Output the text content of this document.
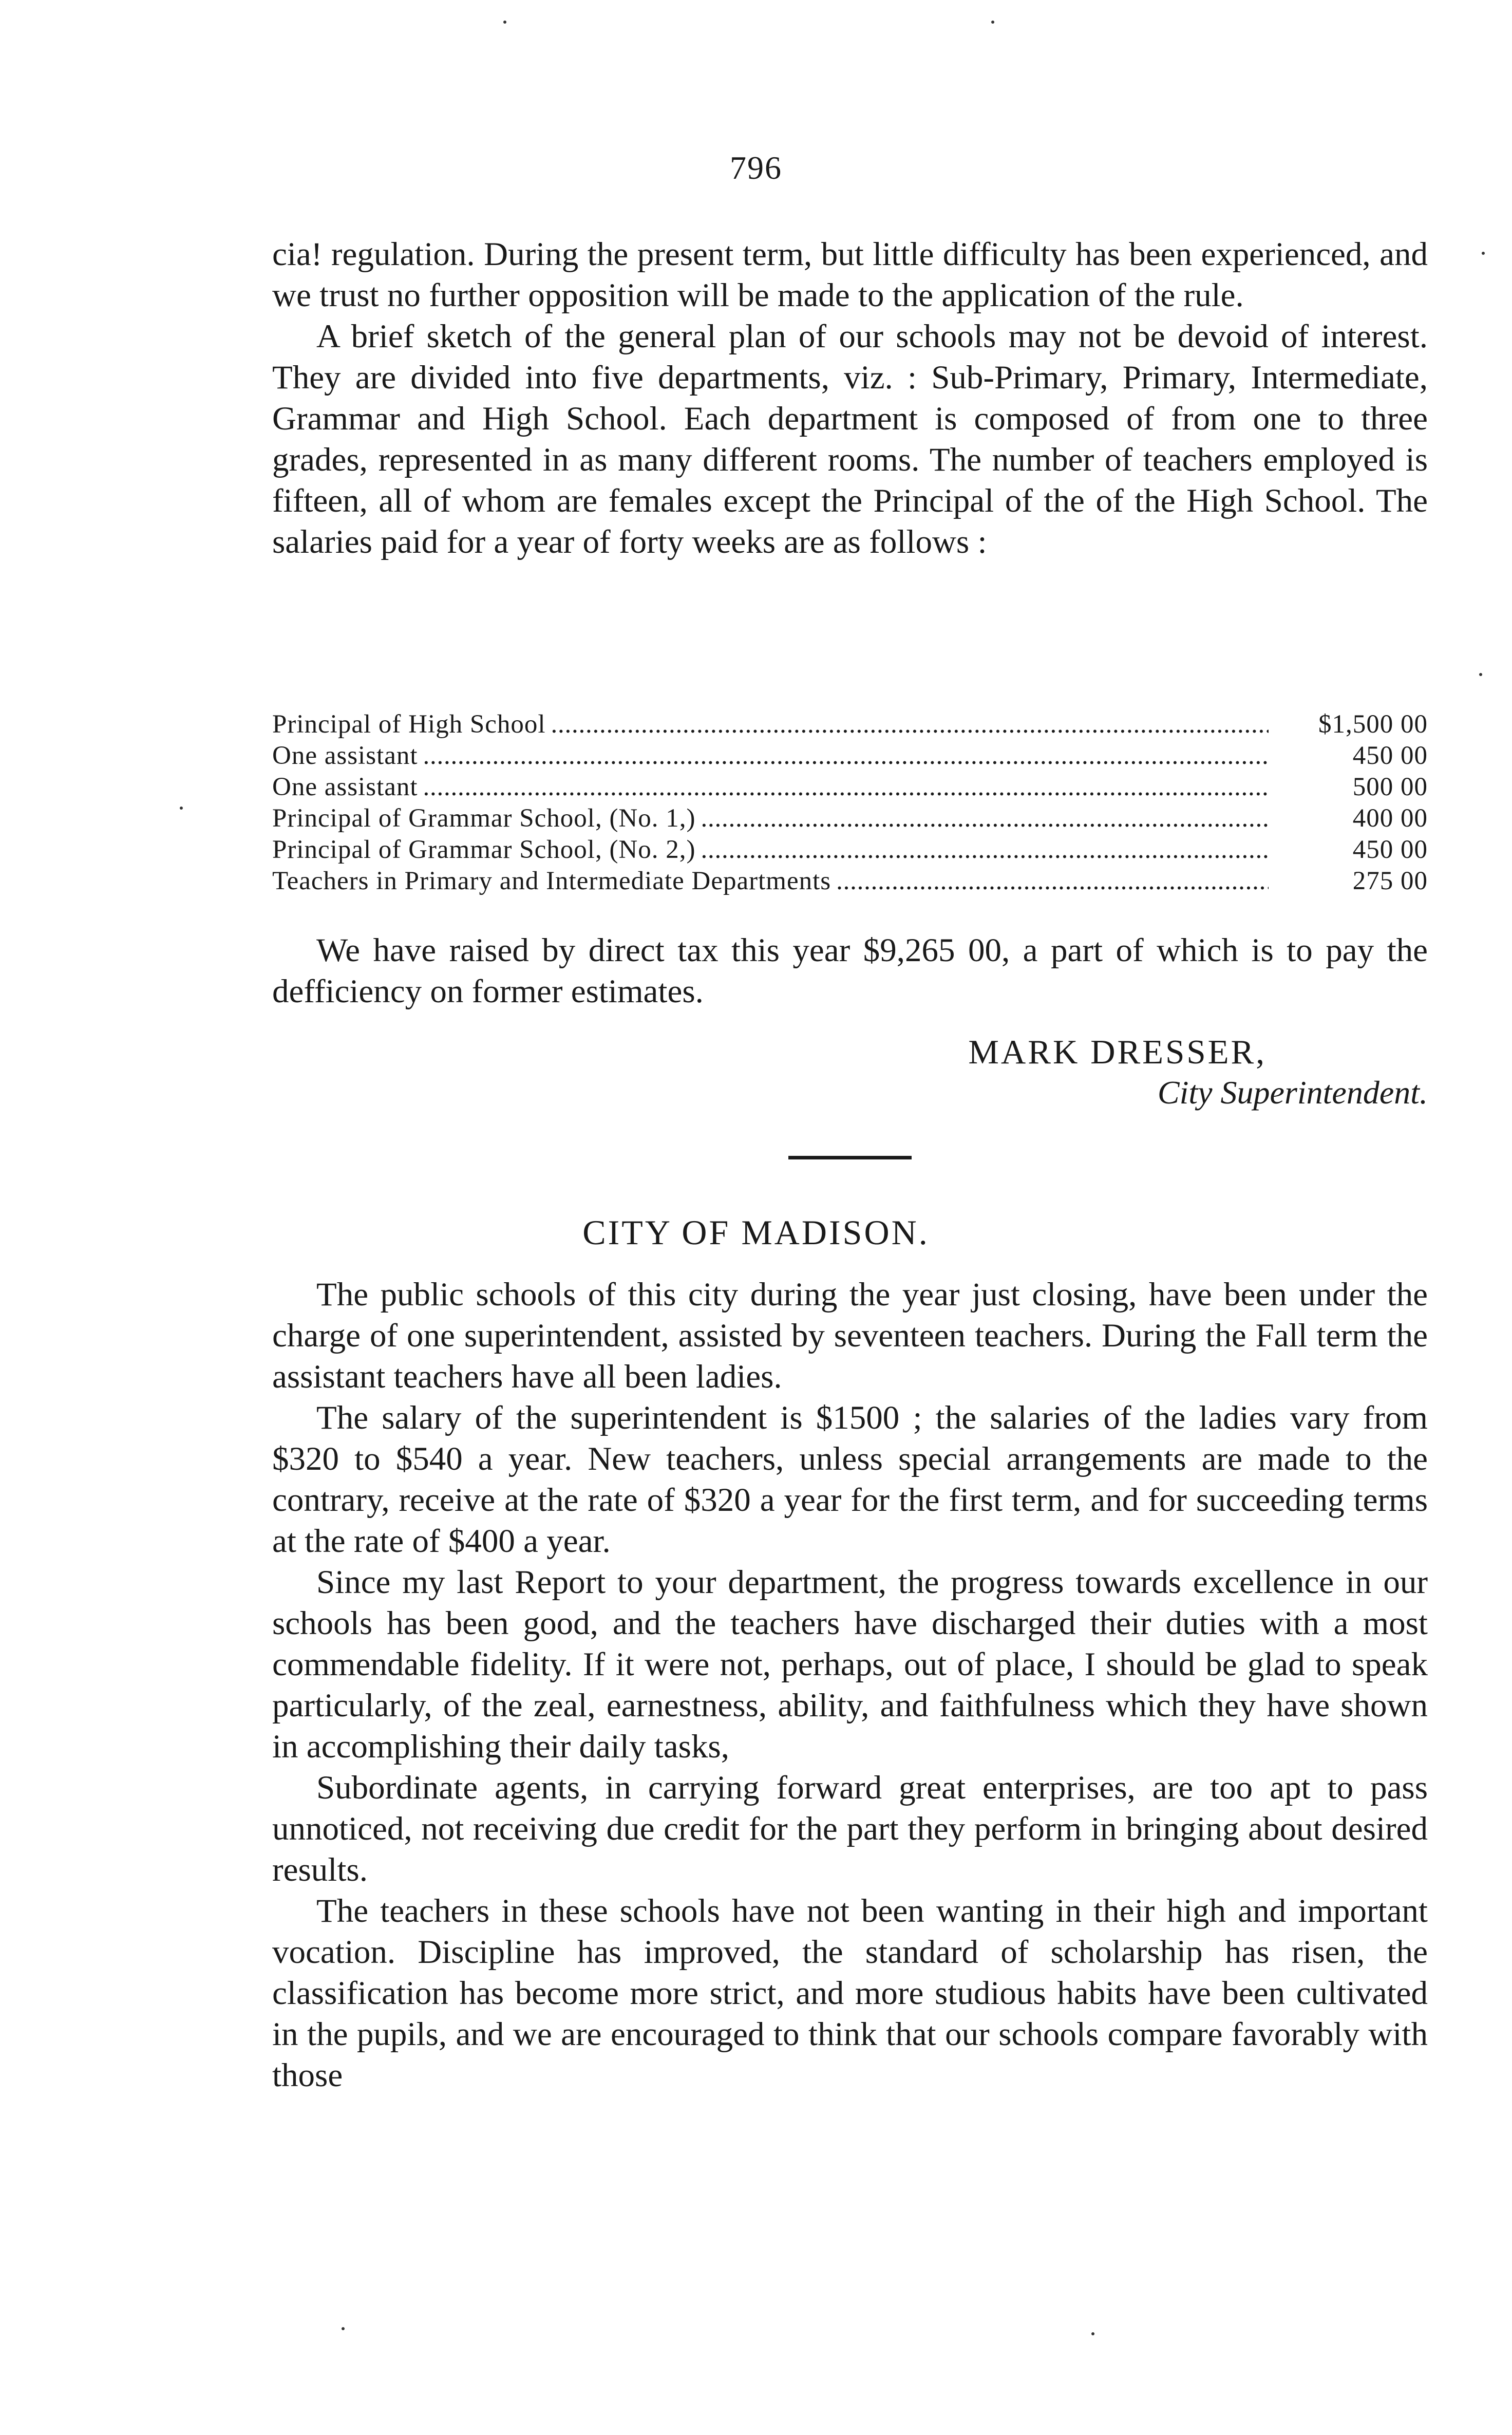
796

cia! regulation. During the present term, but little difficulty has been experienced, and we trust no further opposition will be made to the application of the rule.

A brief sketch of the general plan of our schools may not be devoid of interest. They are divided into five departments, viz. : Sub-Primary, Primary, Intermediate, Grammar and High School. Each department is composed of from one to three grades, represented in as many different rooms. The number of teachers employed is fifteen, all of whom are females except the Principal of the of the High School. The salaries paid for a year of forty weeks are as follows :

Principal of High School . . .	$1,500 00
One assistant . . .	450 00
One assistant . . .	500 00
Principal of Grammar School, (No. 1,) . . .	400 00
Principal of Grammar School, (No. 2,) . . .	450 00
Teachers in Primary and Intermediate Departments . . .	275 00

We have raised by direct tax this year $9,265 00, a part of which is to pay the defficiency on former estimates.

MARK DRESSER,
City Superintendent.
CITY OF MADISON.

The public schools of this city during the year just closing, have been under the charge of one superintendent, assisted by seventeen teachers. During the Fall term the assistant teachers have all been ladies.

The salary of the superintendent is $1500 ; the salaries of the ladies vary from $320 to $540 a year. New teachers, unless special arrangements are made to the contrary, receive at the rate of $320 a year for the first term, and for succeeding terms at the rate of $400 a year.

Since my last Report to your department, the progress towards excellence in our schools has been good, and the teachers have discharged their duties with a most commendable fidelity. If it were not, perhaps, out of place, I should be glad to speak particularly, of the zeal, earnestness, ability, and faithfulness which they have shown in accomplishing their daily tasks,

Subordinate agents, in carrying forward great enterprises, are too apt to pass unnoticed, not receiving due credit for the part they perform in bringing about desired results.

The teachers in these schools have not been wanting in their high and important vocation. Discipline has improved, the standard of scholarship has risen, the classification has become more strict, and more studious habits have been cultivated in the pupils, and we are encouraged to think that our schools compare favorably with those
